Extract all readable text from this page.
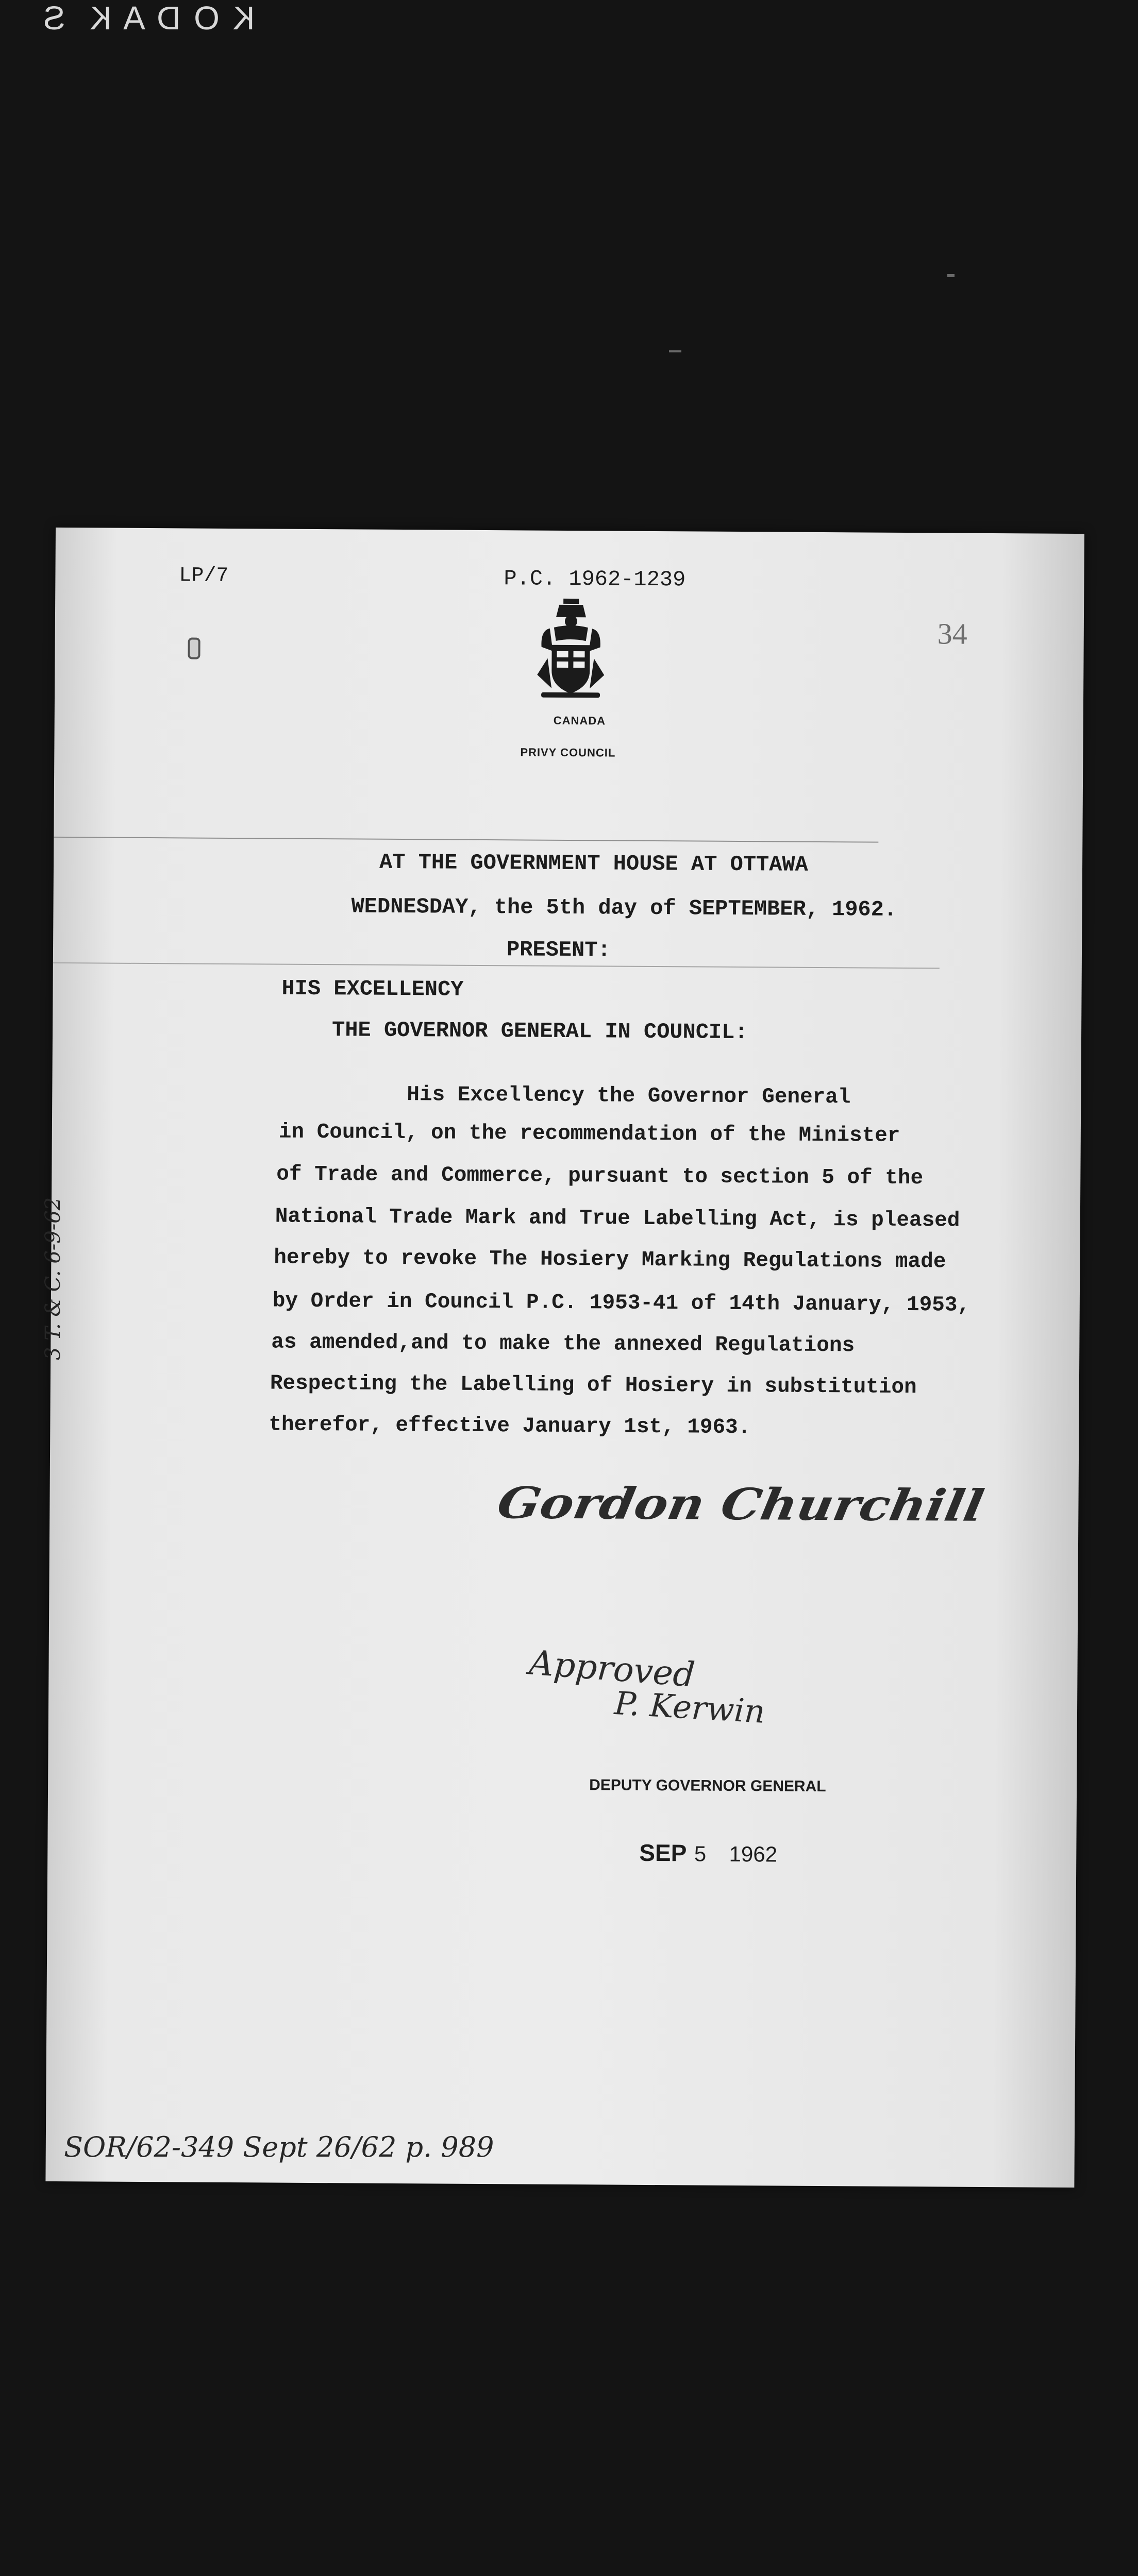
K O D A K  S
LP/7	P.C. 1962-1239
34
CANADA
PRIVY COUNCIL
AT THE GOVERNMENT HOUSE AT OTTAWA
WEDNESDAY, the 5th day of SEPTEMBER, 1962.
PRESENT:
HIS EXCELLENCY
THE GOVERNOR GENERAL IN COUNCIL:
His Excellency the Governor General
in Council, on the recommendation of the Minister
of Trade and Commerce, pursuant to section 5 of the
National Trade Mark and True Labelling Act, is pleased
hereby to revoke The Hosiery Marking Regulations made
by Order in Council P.C. 1953-41 of 14th January, 1953,
as amended,and to make the annexed Regulations
Respecting the Labelling of Hosiery in substitution
therefor, effective January 1st, 1963.
Gordon Churchill
Approved
P. Kerwin
DEPUTY GOVERNOR GENERAL
SEP 5 1962
3 T. & C. 6-9-62
SOR/62-349 Sept 26/62 p. 989
